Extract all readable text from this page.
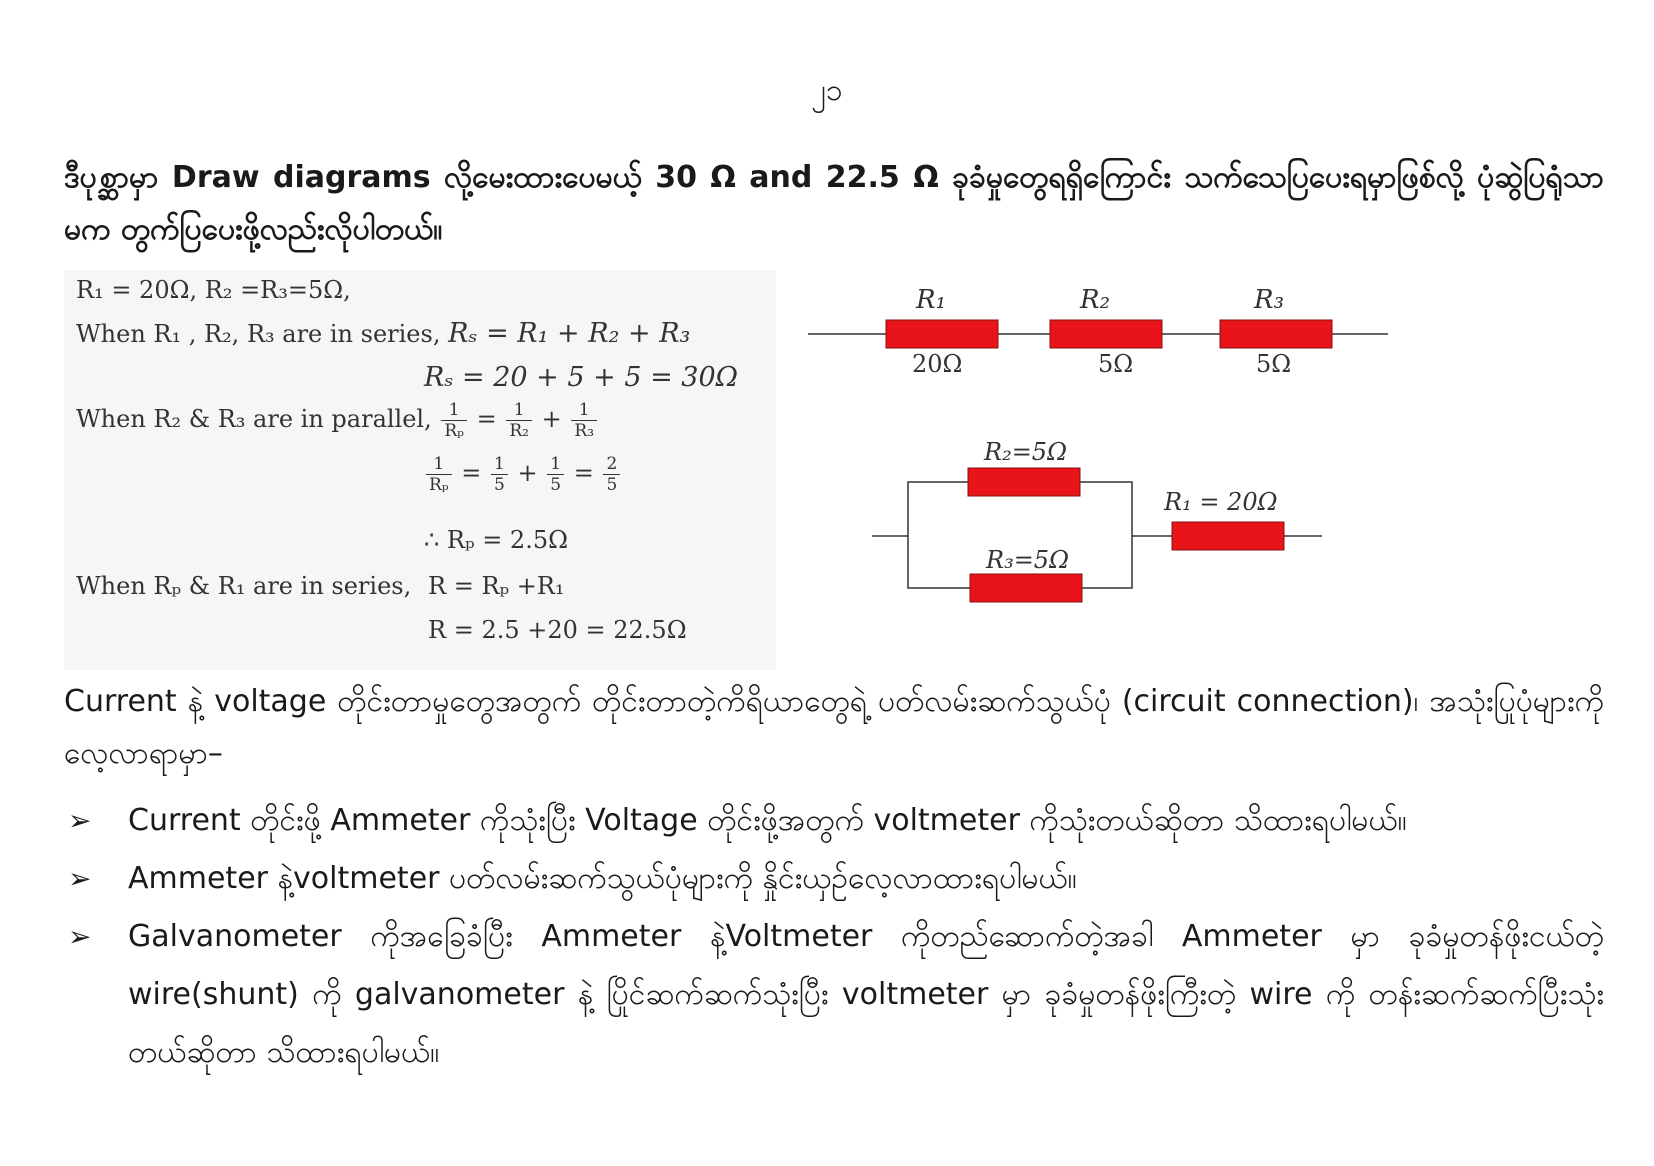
၂၁
ဒီပုစ္ဆာမှာ Draw diagrams လို့မေးထားပေမယ့် 30 Ω and 22.5 Ω ခုခံမှုတွေရရှိကြောင်း သက်သေပြပေးရမှာဖြစ်လို့ ပုံဆွဲပြရုံသာမက တွက်ပြပေးဖို့လည်းလိုပါတယ်။
R₁ = 20Ω, R₂ =R₃=5Ω,
When R₁ , R₂, R₃ are in series, Rₛ = R₁ + R₂ + R₃
Rₛ = 20 + 5 + 5 = 30Ω
When R₂ & R₃ are in parallel, $\frac{1}{\text{Rₚ}} = \frac{1}{\text{R₂}} + \frac{1}{\text{R₃}}$
$\frac{1}{\text{Rₚ}} = \frac{1}{5} + \frac{1}{5} = \frac{2}{5}$
∴ Rₚ = 2.5Ω
When Rₚ & R₁ are in series, R = Rₚ +R₁
R = 2.5 +20 = 22.5Ω
R₁	R₂	R₃
20Ω	5Ω	5Ω
R₂=5Ω
R₃=5Ω
R₁ = 20Ω
Current နဲ့ voltage တိုင်းတာမှုတွေအတွက် တိုင်းတာတဲ့ကိရိယာတွေရဲ့ ပတ်လမ်းဆက်သွယ်ပုံ (circuit connection)၊ အသုံးပြုပုံများကိုလေ့လာရာမှာ–
➢ Current တိုင်းဖို့ Ammeter ကိုသုံးပြီး Voltage တိုင်းဖို့အတွက် voltmeter ကိုသုံးတယ်ဆိုတာ သိထားရပါမယ်။
➢ Ammeter နဲ့voltmeter ပတ်လမ်းဆက်သွယ်ပုံများကို နှိုင်းယှဉ်လေ့လာထားရပါမယ်။
➢ Galvanometer ကိုအခြေခံပြီး Ammeter နဲ့Voltmeter ကိုတည်ဆောက်တဲ့အခါ Ammeter မှာ ခုခံမှုတန်ဖိုးငယ်တဲ့ wire(shunt) ကို galvanometer နဲ့ ပြိုင်ဆက်ဆက်သုံးပြီး voltmeter မှာ ခုခံမှုတန်ဖိုးကြီးတဲ့ wire ကို တန်းဆက်ဆက်ပြီးသုံးတယ်ဆိုတာ သိထားရပါမယ်။
